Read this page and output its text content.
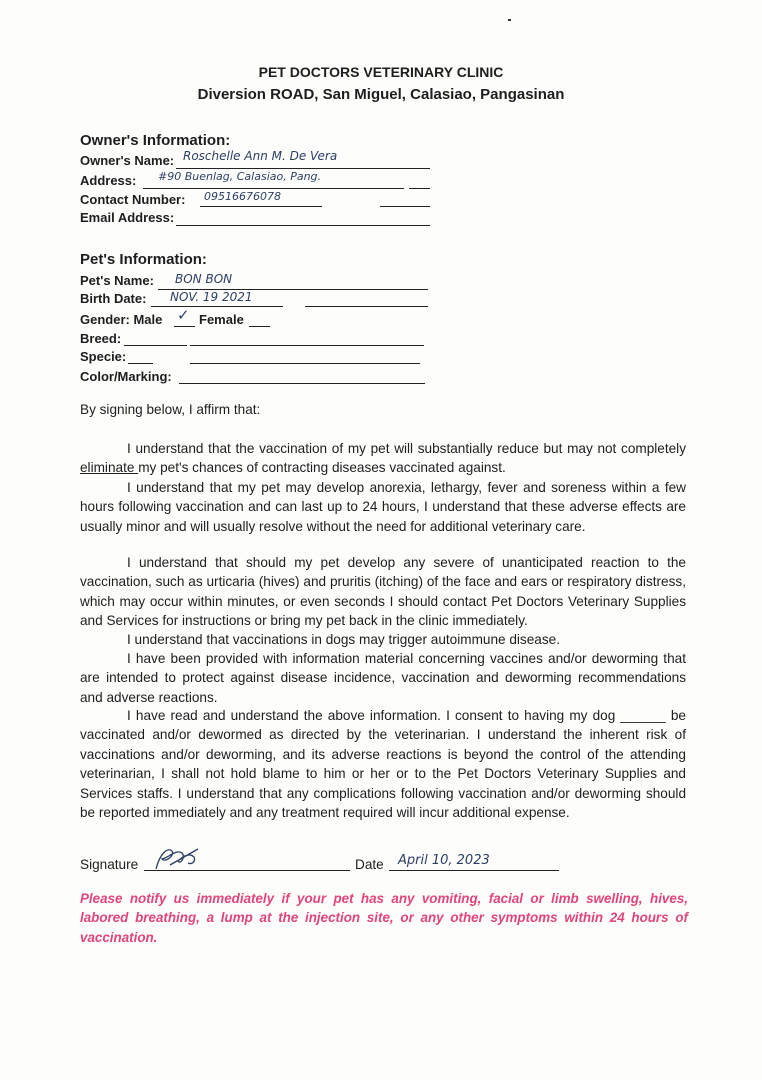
PET DOCTORS VETERINARY CLINIC
Diversion ROAD, San Miguel, Calasiao, Pangasinan
Owner's Information:
Owner's Name: Roschelle Ann M. De Vera
Address: #90 Buenlag, Calasiao, Pang.
Contact Number: 09516676078
Email Address:
Pet's Information:
Pet's Name: BON BON
Birth Date: NOV. 19 2021
Gender: Male ✓ Female
Breed:
Specie:
Color/Marking:
By signing below, I affirm that:

I understand that the vaccination of my pet will substantially reduce but may not completely eliminate my pet's chances of contracting diseases vaccinated against.

I understand that my pet may develop anorexia, lethargy, fever and soreness within a few hours following vaccination and can last up to 24 hours, I understand that these adverse effects are usually minor and will usually resolve without the need for additional veterinary care.

I understand that should my pet develop any severe of unanticipated reaction to the vaccination, such as urticaria (hives) and pruritis (itching) of the face and ears or respiratory distress, which may occur within minutes, or even seconds I should contact Pet Doctors Veterinary Supplies and Services for instructions or bring my pet back in the clinic immediately.

I understand that vaccinations in dogs may trigger autoimmune disease.

I have been provided with information material concerning vaccines and/or deworming that are intended to protect against disease incidence, vaccination and deworming recommendations and adverse reactions.

I have read and understand the above information. I consent to having my dog ______ be vaccinated and/or dewormed as directed by the veterinarian. I understand the inherent risk of vaccinations and/or deworming, and its adverse reactions is beyond the control of the attending veterinarian, I shall not hold blame to him or her or to the Pet Doctors Veterinary Supplies and Services staffs. I understand that any complications following vaccination and/or deworming should be reported immediately and any treatment required will incur additional expense.

Signature	Date April 10, 2023

Please notify us immediately if your pet has any vomiting, facial or limb swelling, hives, labored breathing, a lump at the injection site, or any other symptoms within 24 hours of vaccination.
